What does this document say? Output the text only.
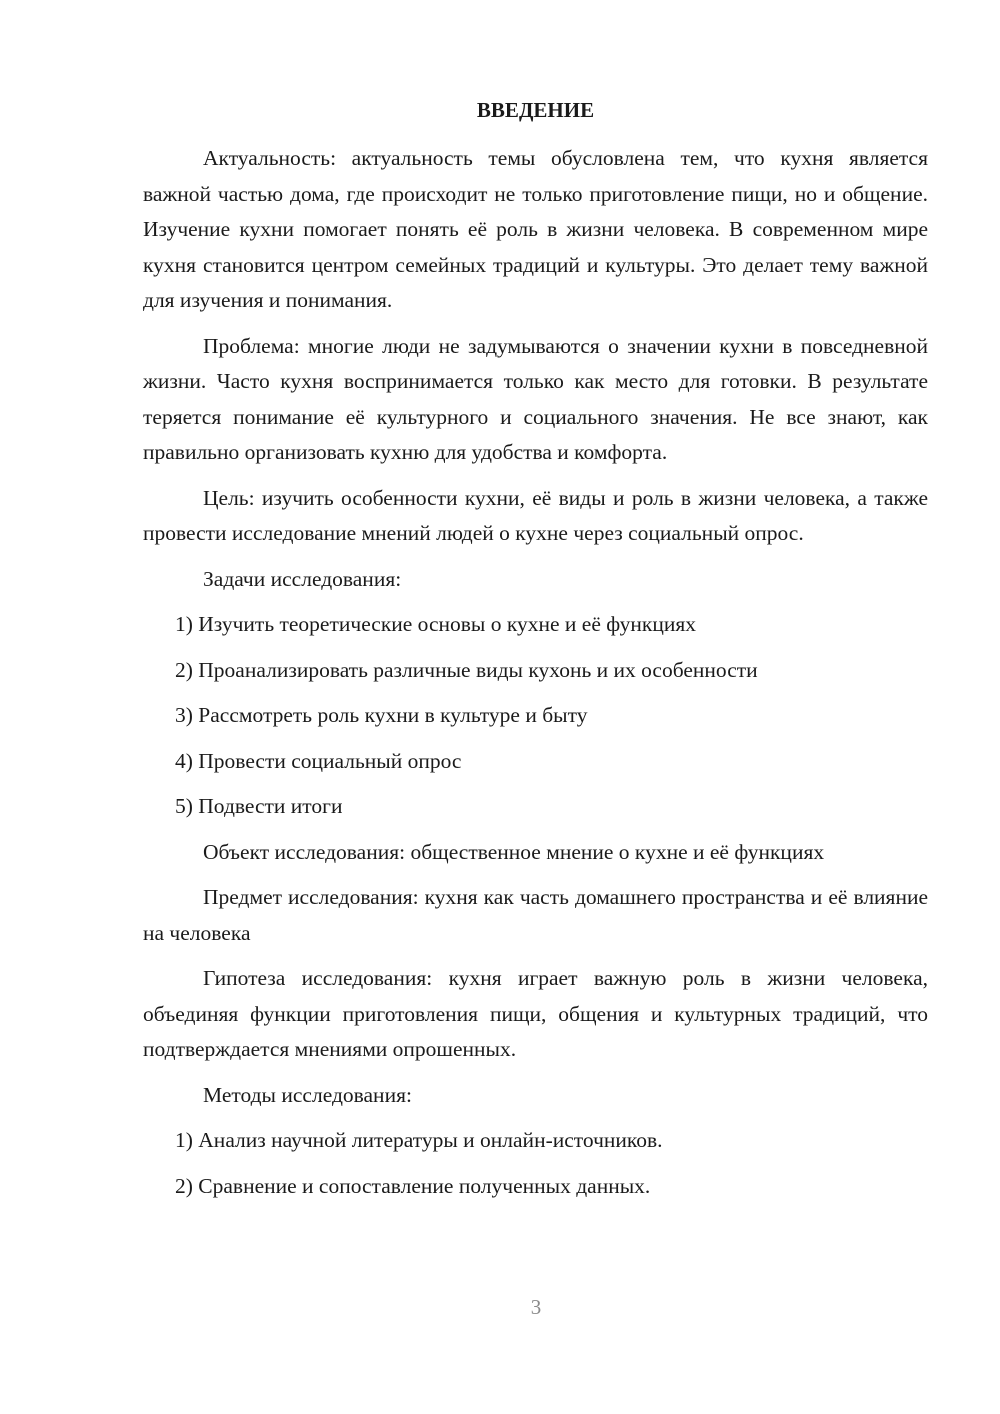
ВВЕДЕНИЕ

Актуальность: актуальность темы обусловлена тем, что кухня является важной частью дома, где происходит не только приготовление пищи, но и общение. Изучение кухни помогает понять её роль в жизни человека. В современном мире кухня становится центром семейных традиций и культуры. Это делает тему важной для изучения и понимания.

Проблема: многие люди не задумываются о значении кухни в повседневной жизни. Часто кухня воспринимается только как место для готовки. В результате теряется понимание её культурного и социального значения. Не все знают, как правильно организовать кухню для удобства и комфорта.

Цель: изучить особенности кухни, её виды и роль в жизни человека, а также провести исследование мнений людей о кухне через социальный опрос.

Задачи исследования:
1) Изучить теоретические основы о кухне и её функциях
2) Проанализировать различные виды кухонь и их особенности
3) Рассмотреть роль кухни в культуре и быту
4) Провести социальный опрос
5) Подвести итоги
Объект исследования: общественное мнение о кухне и её функциях

Предмет исследования: кухня как часть домашнего пространства и её влияние на человека

Гипотеза исследования: кухня играет важную роль в жизни человека, объединяя функции приготовления пищи, общения и культурных традиций, что подтверждается мнениями опрошенных.

Методы исследования:
1) Анализ научной литературы и онлайн-источников.
2) Сравнение и сопоставление полученных данных.
3
